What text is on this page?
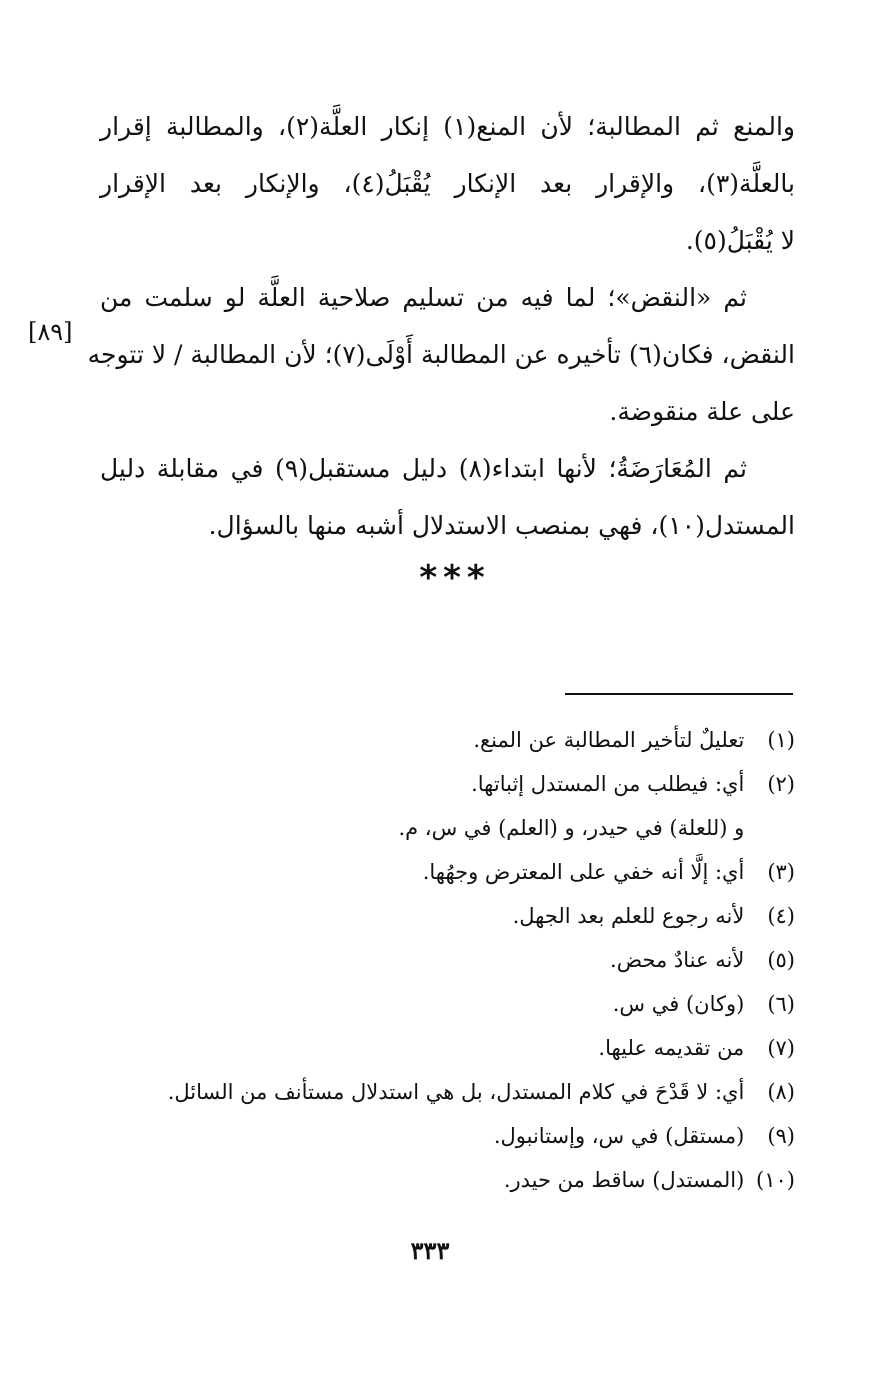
والمنع ثم المطالبة؛ لأن المنع(١) إنكار العلَّة(٢)، والمطالبة إقرار
بالعلَّة(٣)، والإقرار بعد الإنكار يُقْبَلُ(٤)، والإنكار بعد الإقرار
لا يُقْبَلُ(٥).
ثم «النقض»؛ لما فيه من تسليم صلاحية العلَّة لو سلمت من
النقض، فكان(٦) تأخيره عن المطالبة أَوْلَى(٧)؛ لأن المطالبة / لا تتوجه
على علة منقوضة.
ثم المُعَارَضَةُ؛ لأنها ابتداء(٨) دليل مستقبل(٩) في مقابلة دليل
المستدل(١٠)، فهي بمنصب الاستدلال أشبه منها بالسؤال.
[٨٩]
***
(١) تعليلٌ لتأخير المطالبة عن المنع.
(٢) أي: فيطلب من المستدل إثباتها.
و (للعلة) في حيدر، و (العلم) في س، م.
(٣) أي: إلَّا أنه خفي على المعترض وجهُها.
(٤) لأنه رجوع للعلم بعد الجهل.
(٥) لأنه عنادٌ محض.
(٦) (وكان) في س.
(٧) من تقديمه عليها.
(٨) أي: لا قَدْحَ في كلام المستدل، بل هي استدلال مستأنف من السائل.
(٩) (مستقل) في س، وإستانبول.
(١٠) (المستدل) ساقط من حيدر.
٣٣٣
